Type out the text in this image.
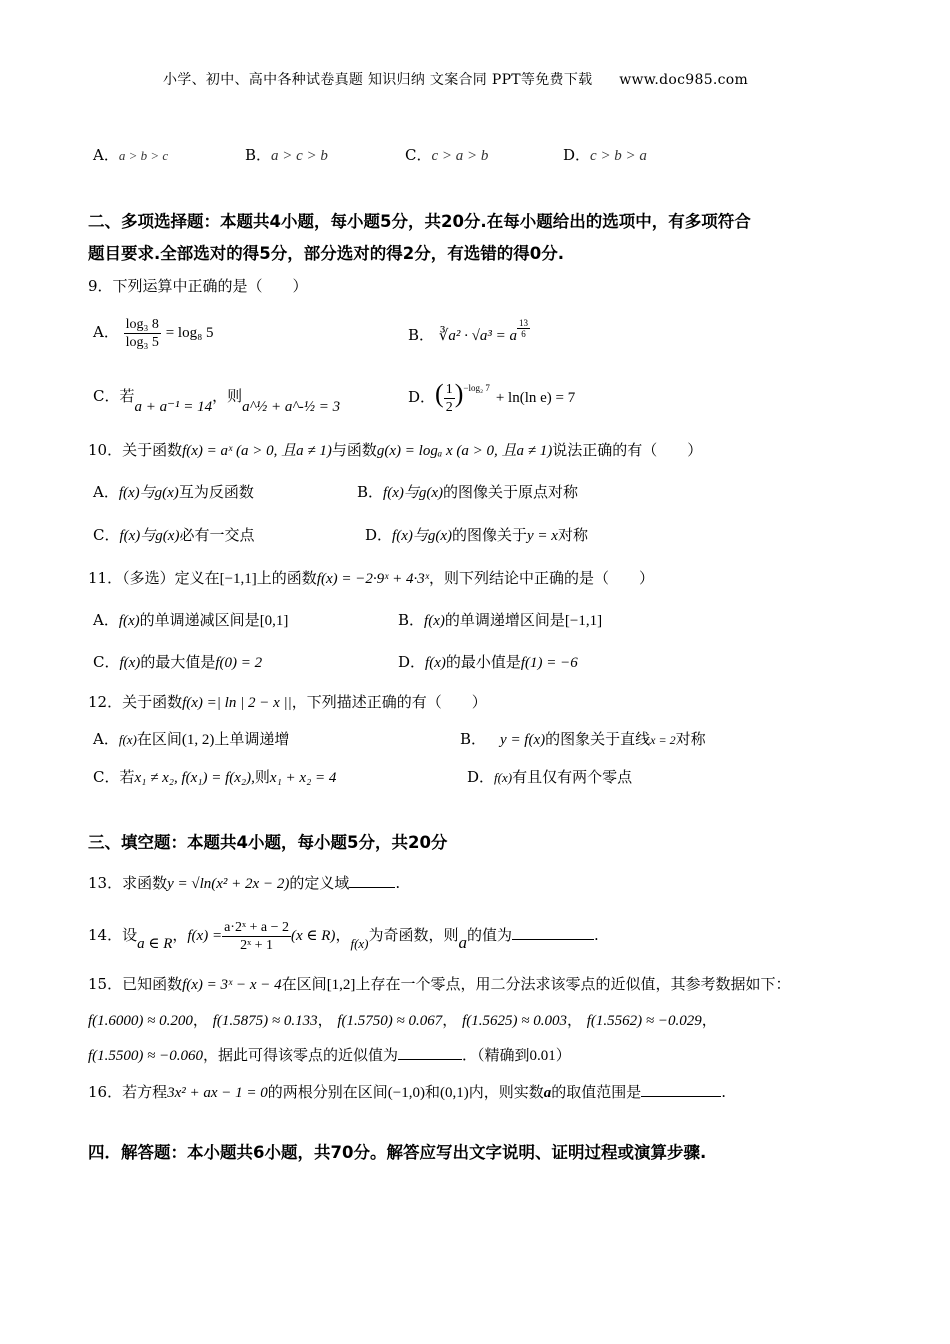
小学、初中、高中各种试卷真题 知识归纳 文案合同 PPT等免费下载 www.doc985.com
A．a > b > c	B．a > c > b	C．c > a > b	D．c > b > a
二、多项选择题：本题共4小题，每小题5分，共20分.在每小题给出的选项中，有多项符合
题目要求.全部选对的得5分，部分选对的得2分，有选错的得0分.
9．下列运算中正确的是（　　）
A． $\frac{\text{log₃ 8}}{\text{log₃ 5}} = \log_8$ 5	B． ∛a² · √a³ = a $\frac{13}{6}$
C．若a + a⁻¹ = 14，则a^½ + a^-½ = 3
D．( $\frac{1}{2} )^{-log_2 7}+ \ln(\ln$ e) = 7
10．关于函数f(x) = aˣ (a > 0, 且a ≠ 1)与函数g(x) = logₐ x (a > 0, 且a ≠ 1)说法正确的有（　　）
A．f(x)与g(x)互为反函数	B．f(x)与g(x)的图像关于原点对称
C．f(x)与g(x)必有一交点	D．f(x)与g(x)的图像关于y = x对称
11．（多选）定义在[−1,1]上的函数f(x) = −2·9ˣ + 4·3ˣ，则下列结论中正确的是（　　）
A．f(x)的单调递减区间是[0,1]	B．f(x)的单调递增区间是[−1,1]
C．f(x)的最大值是f(0) = 2	D．f(x)的最小值是f(1) = −6
12．关于函数f(x) =| ln | 2 − x ||，下列描述正确的有（　　）
A．f(x)在区间(1, 2)上单调递增	B． y = f(x)的图象关于直线x = 2对称
C．若x₁ ≠ x₂, f(x₁) = f(x₂),则x₁ + x₂ = 4	D．f(x)有且仅有两个零点
三、填空题：本题共4小题，每小题5分，共20分
13．求函数y = √ln(x² + 2x − 2)的定义域	.
14．设a ∈ R，$f(x) = \frac{\text{a·2ˣ + a − 2}}{\text{2ˣ + 1}} (x$ ∈ R)，f(x)为奇函数，则a的值为	.
15．已知函数f(x) = 3ˣ − x − 4在区间[1,2]上存在一个零点，用二分法求该零点的近似值，其参考数据如下：
f(1.6000) ≈ 0.200， f(1.5875) ≈ 0.133， f(1.5750) ≈ 0.067， f(1.5625) ≈ 0.003， f(1.5562) ≈ −0.029，
f(1.5500) ≈ −0.060，据此可得该零点的近似值为	．（精确到0.01）
16．若方程3x² + ax − 1 = 0的两根分别在区间(−1,0)和(0,1)内，则实数a的取值范围是	.
四．解答题：本小题共6小题，共70分。解答应写出文字说明、证明过程或演算步骤.
